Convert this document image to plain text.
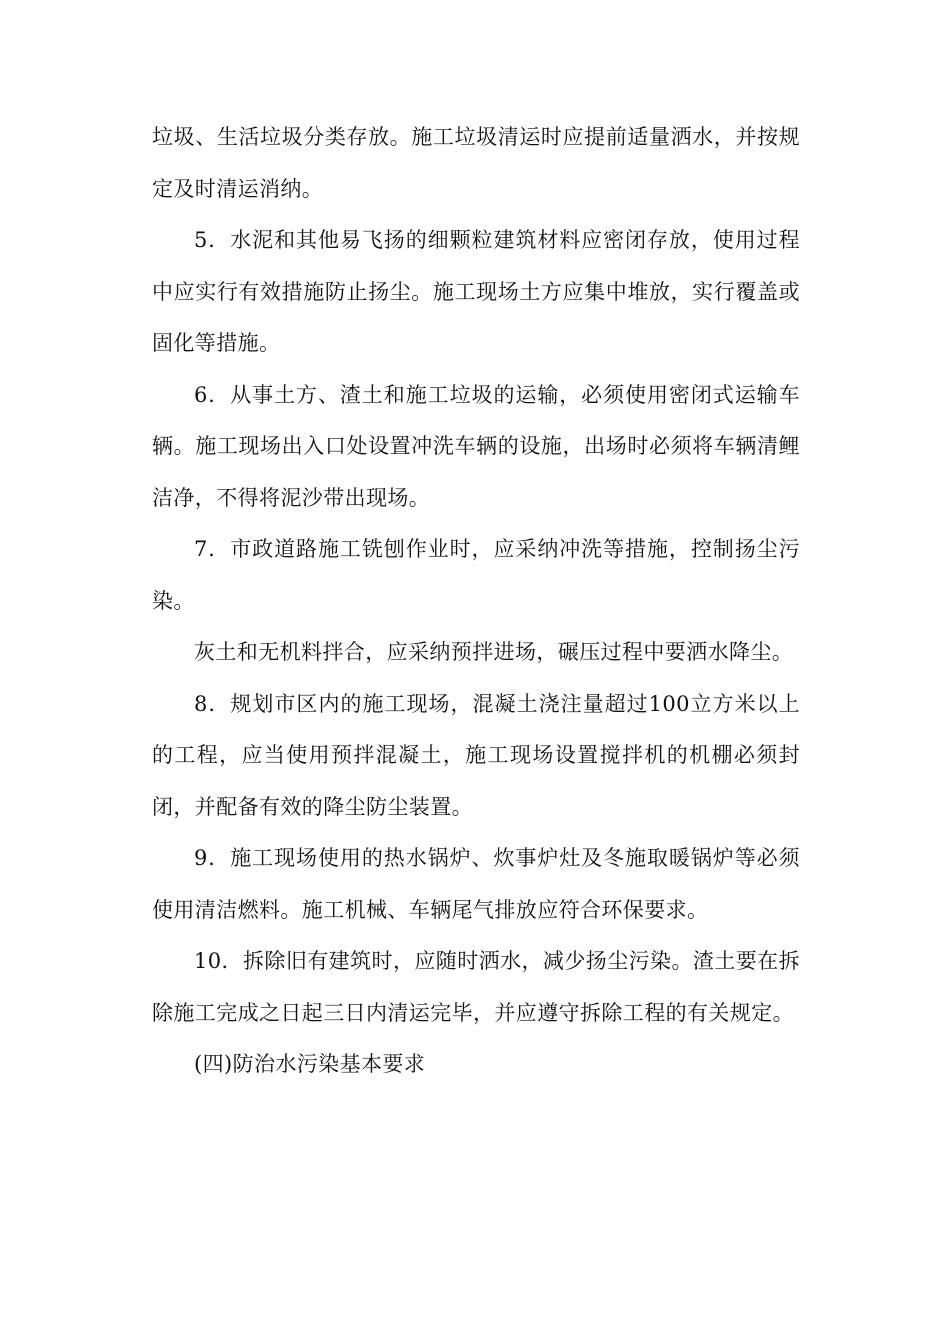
垃圾、生活垃圾分类存放。施工垃圾清运时应提前适量洒水，并按规定及时清运消纳。

5．水泥和其他易飞扬的细颗粒建筑材料应密闭存放，使用过程中应实行有效措施防止扬尘。施工现场土方应集中堆放，实行覆盖或固化等措施。

6．从事土方、渣土和施工垃圾的运输，必须使用密闭式运输车辆。施工现场出入口处设置冲洗车辆的设施，出场时必须将车辆清鲤洁净，不得将泥沙带出现场。

7．市政道路施工铣刨作业时，应采纳冲洗等措施，控制扬尘污染。

灰土和无机料拌合，应采纳预拌进场，碾压过程中要洒水降尘。

8．规划市区内的施工现场，混凝土浇注量超过100立方米以上的工程，应当使用预拌混凝土，施工现场设置搅拌机的机棚必须封闭，并配备有效的降尘防尘装置。

9．施工现场使用的热水锅炉、炊事炉灶及冬施取暖锅炉等必须使用清洁燃料。施工机械、车辆尾气排放应符合环保要求。

10．拆除旧有建筑时，应随时洒水，减少扬尘污染。渣土要在拆除施工完成之日起三日内清运完毕，并应遵守拆除工程的有关规定。

(四)防治水污染基本要求
